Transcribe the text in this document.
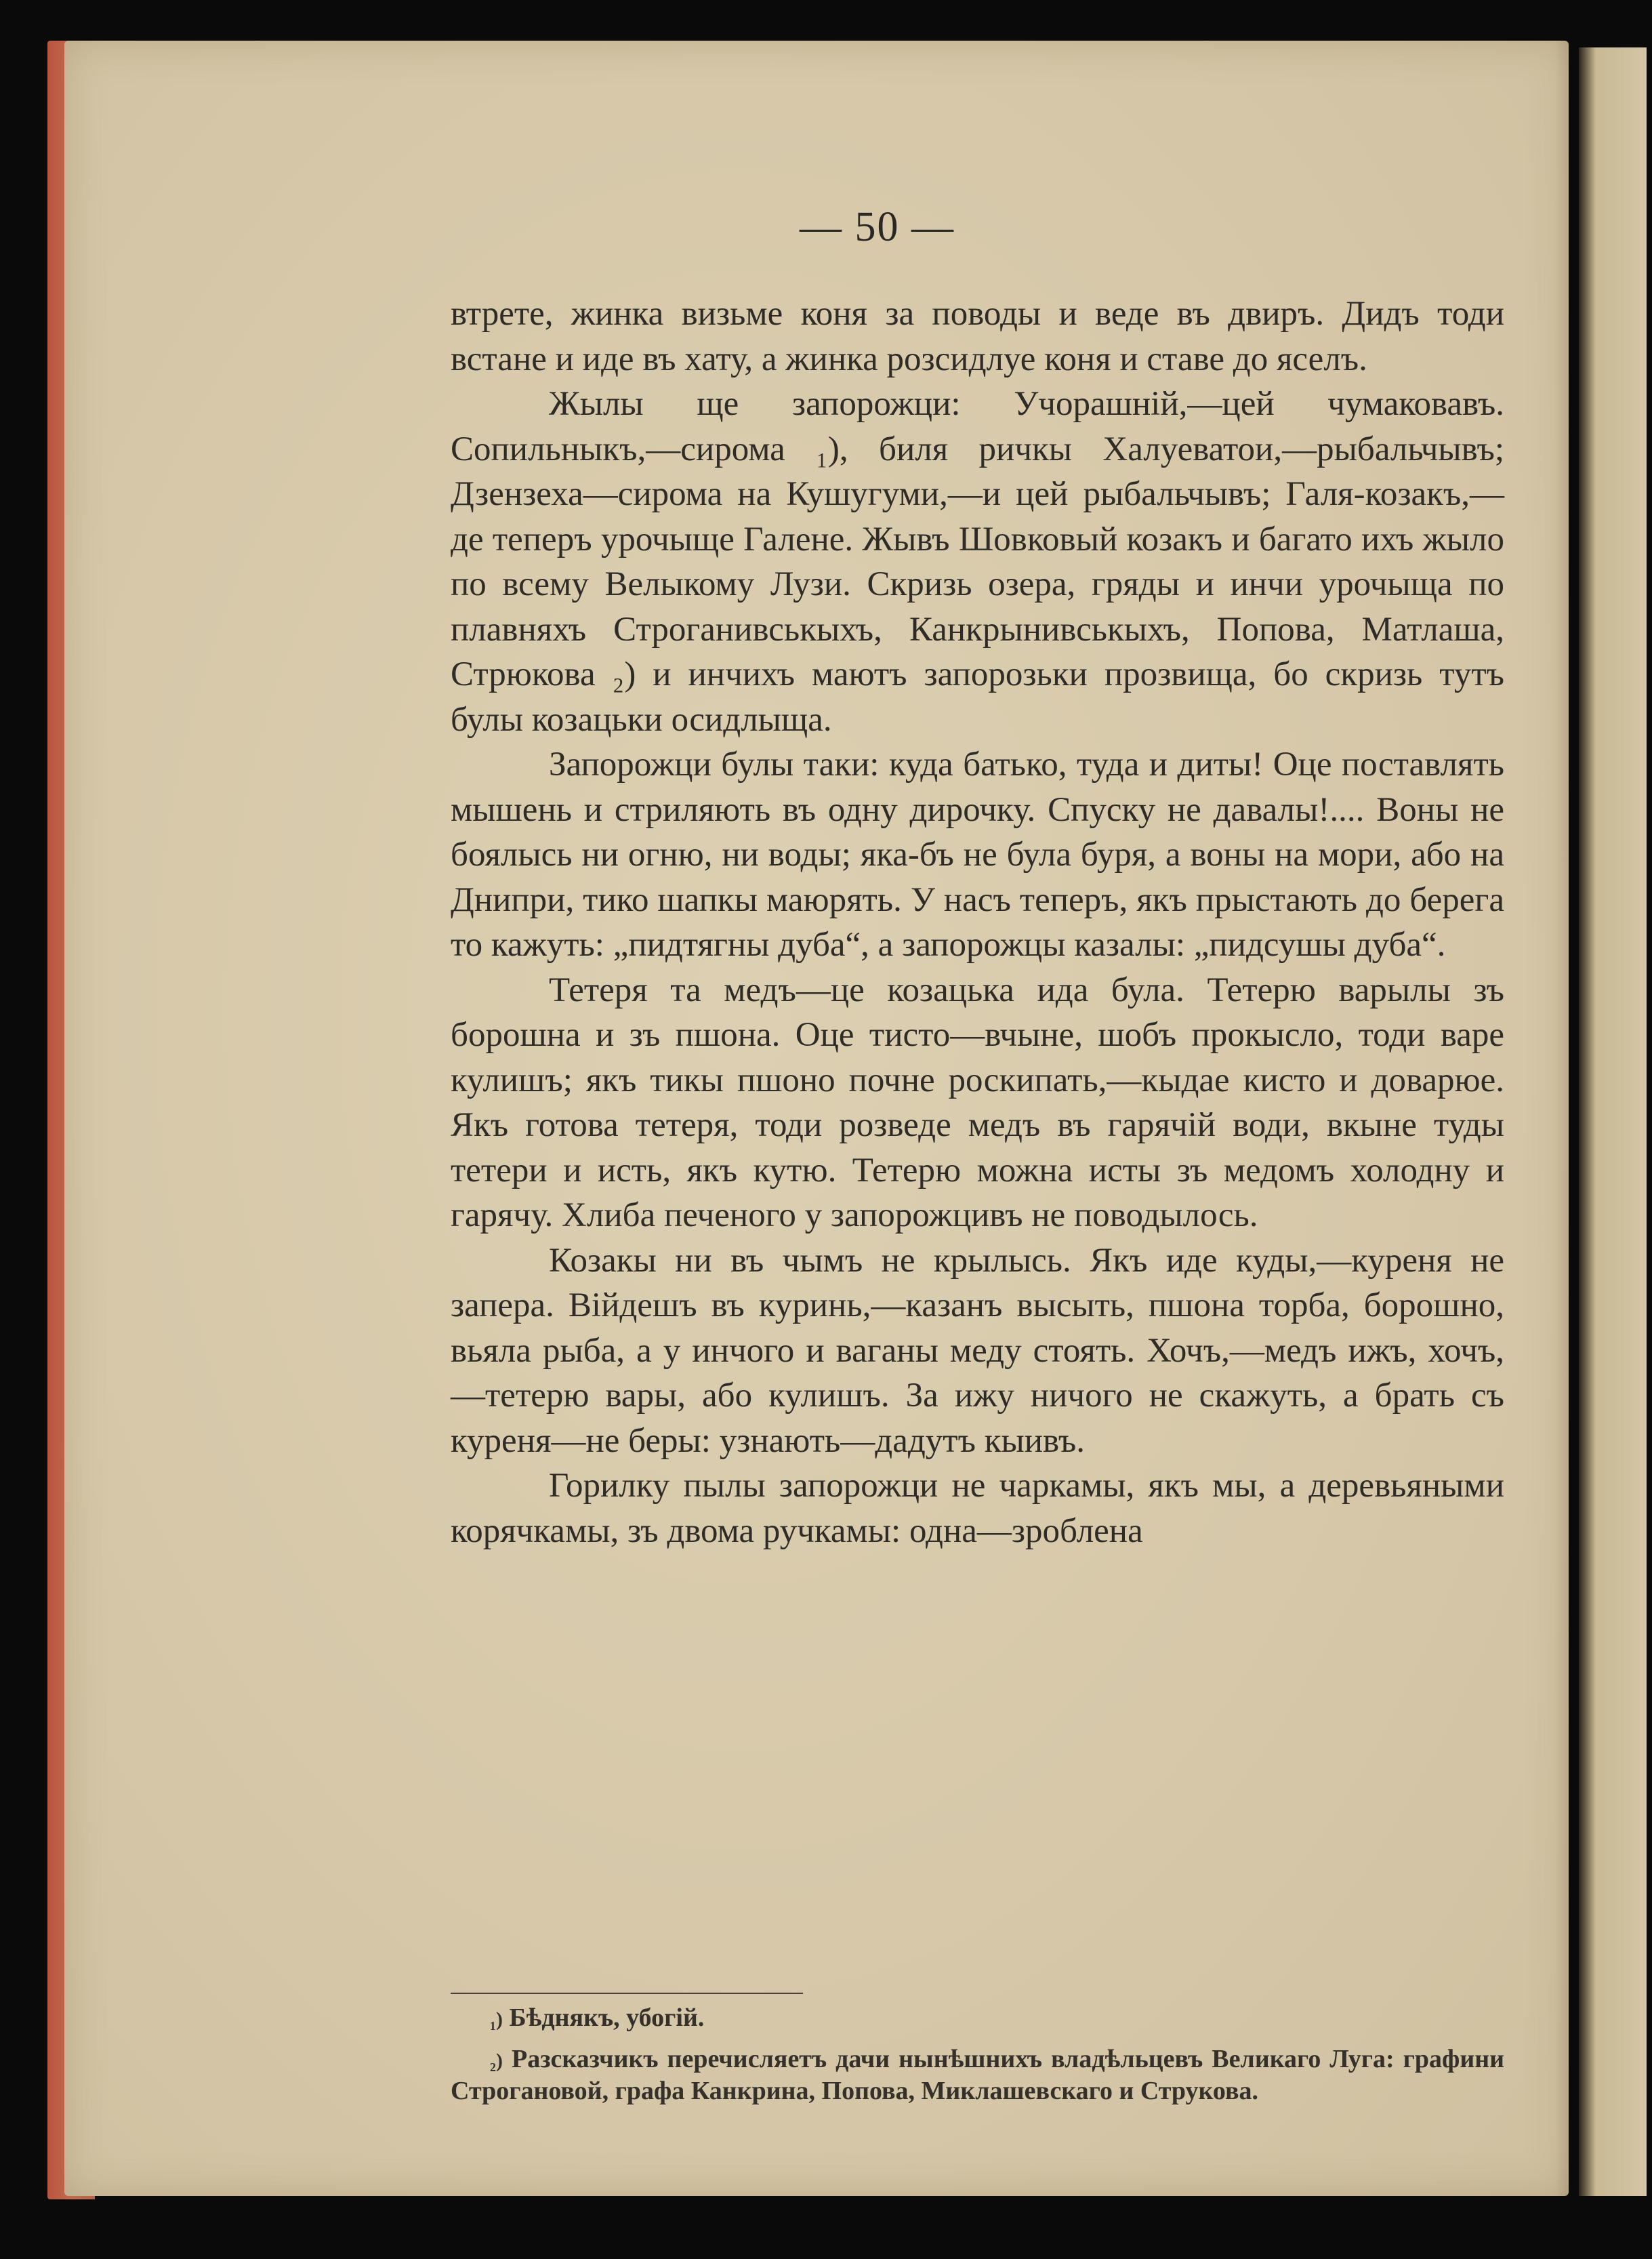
— 50 —

втрете, жинка визьме коня за поводы и веде въ двиръ. Дидъ тоди встане и иде въ хату, а жинка розсидлуе коня и ставе до яселъ.

Жылы ще запорожци: Учорашній,—цей чумаковавъ. Сопильныкъ,—сирома ₁), биля ричкы Халуеватои,—рыбальчывъ; Дзензеха—сирома на Кушугуми,—и цей рыбальчывъ; Галя-козакъ,—де теперъ урочыще Галене. Жывъ Шовковый козакъ и багато ихъ жыло по всему Велыкому Лузи. Скризь озера, гряды и инчи урочыща по плавняхъ Строганивськыхъ, Канкрынивськыхъ, Попова, Матлаша, Стрюкова ₂) и инчихъ маютъ запорозьки прозвища, бо скризь тутъ булы козацьки осидлыща.

Запорожци булы таки: куда батько, туда и диты! Оце поставлять мышень и стриляють въ одну дирочку. Спуску не давалы!.... Воны не боялысь ни огню, ни воды; яка-бъ не була буря, а воны на мори, або на Днипри, тико шапкы маюрять. У насъ теперъ, якъ прыстають до берега то кажуть: „пидтягны дуба“, а запорожцы казалы: „пидсушы дуба“.

Тетеря та медъ—це козацька ида була. Тетерю варылы зъ борошна и зъ пшона. Оце тисто—вчыне, шобъ прокысло, тоди варе кулишъ; якъ тикы пшоно почне роскипать,—кыдае кисто и доварюе. Якъ готова тетеря, тоди розведе медъ въ гарячій води, вкыне туды тетери и исть, якъ кутю. Тетерю можна исты зъ медомъ холодну и гарячу. Хлиба печеного у запорожцивъ не поводылось.

Козакы ни въ чымъ не крылысь. Якъ иде куды,—куреня не запера. Війдешъ въ куринь,—казанъ высыть, пшона торба, борошно, вьяла рыба, а у инчого и ваганы меду стоять. Хочъ,—медъ ижъ, хочъ,—тетерю вары, або кулишъ. За ижу ничого не скажуть, а брать съ куреня—не беры: узнають—дадутъ кыивъ.

Горилку пылы запорожци не чаркамы, якъ мы, а деревьяными корячкамы, зъ двома ручкамы: одна—зроблена

₁) Бѣднякъ, убогій.

₂) Разсказчикъ перечисляетъ дачи нынѣшнихъ владѣльцевъ Великаго Луга: графини Строгановой, графа Канкрина, Попова, Миклашевскаго и Струкова.
